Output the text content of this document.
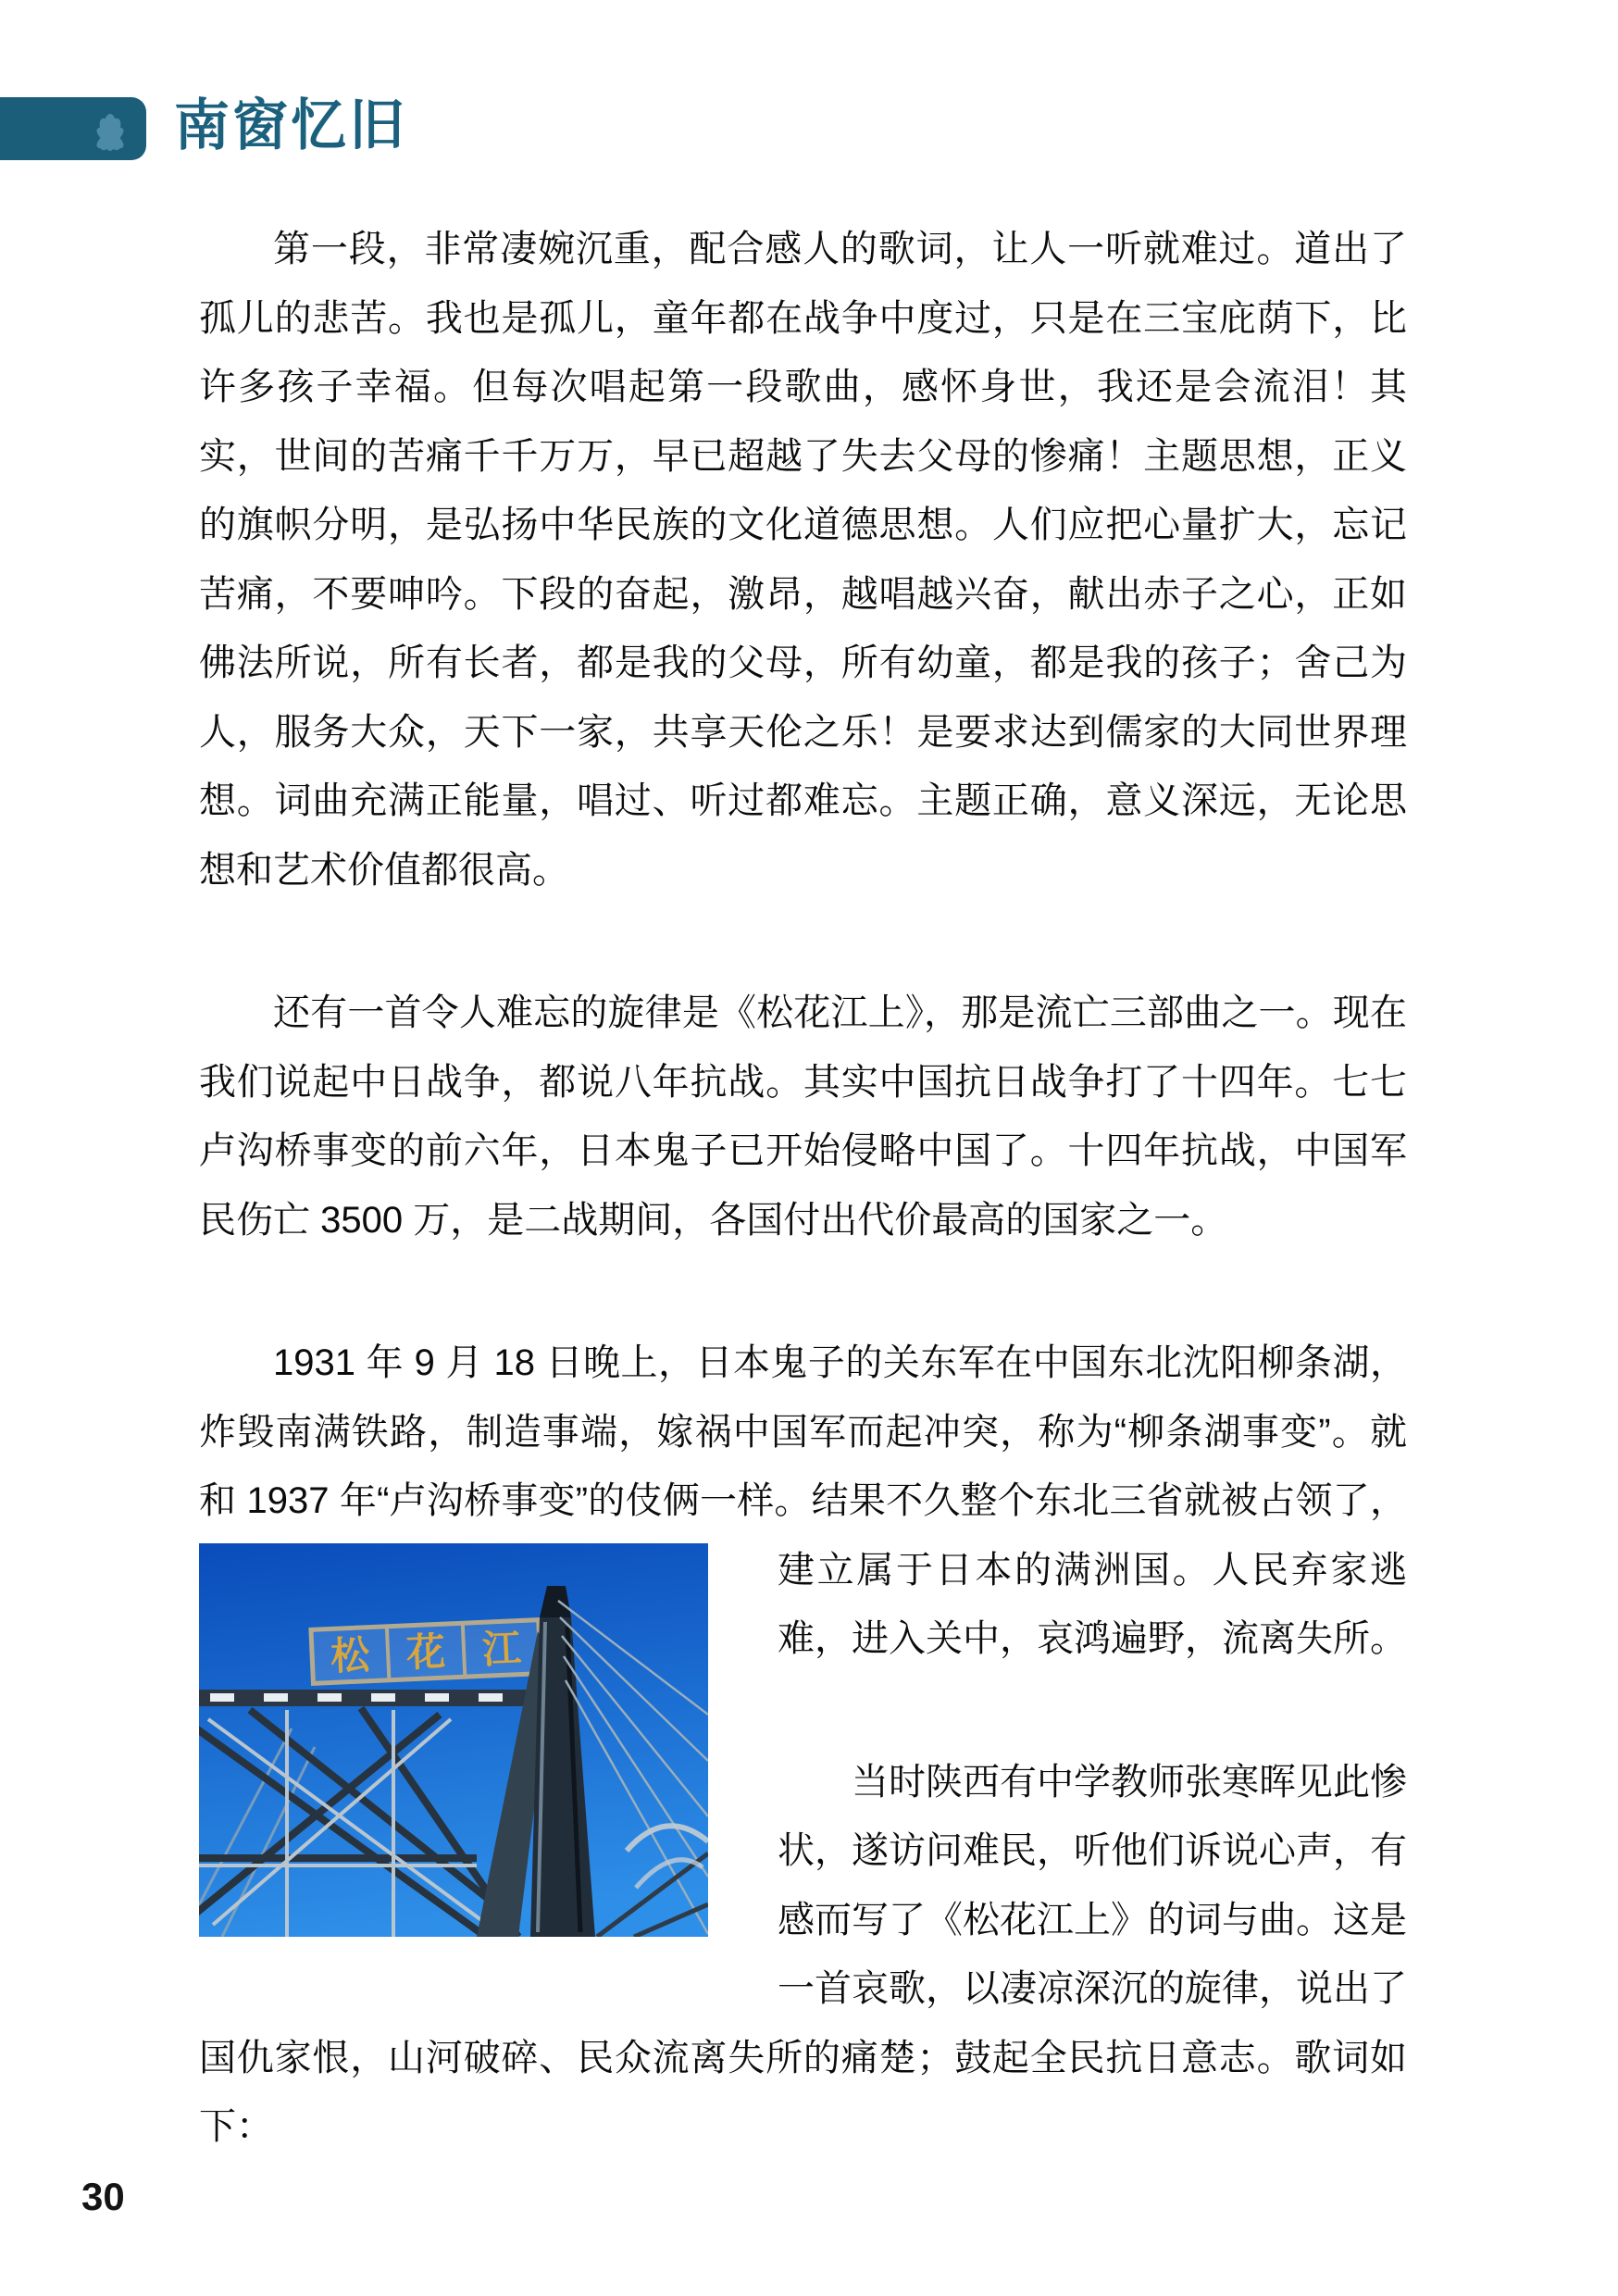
南窗忆旧

第一段，非常凄婉沉重，配合感人的歌词，让人一听就难过。道出了孤儿的悲苦。我也是孤儿，童年都在战争中度过，只是在三宝庇荫下，比许多孩子幸福。但每次唱起第一段歌曲，感怀身世，我还是会流泪！其实，世间的苦痛千千万万，早已超越了失去父母的惨痛！主题思想，正义的旗帜分明，是弘扬中华民族的文化道德思想。人们应把心量扩大，忘记苦痛，不要呻吟。下段的奋起，激昂，越唱越兴奋，献出赤子之心，正如佛法所说，所有长者，都是我的父母，所有幼童，都是我的孩子；舍己为人，服务大众，天下一家，共享天伦之乐！是要求达到儒家的大同世界理想。词曲充满正能量，唱过、听过都难忘。主题正确，意义深远，无论思想和艺术价值都很高。

还有一首令人难忘的旋律是《松花江上》，那是流亡三部曲之一。现在我们说起中日战争，都说八年抗战。其实中国抗日战争打了十四年。七七卢沟桥事变的前六年，日本鬼子已开始侵略中国了。十四年抗战，中国军民伤亡 3500 万，是二战期间，各国付出代价最高的国家之一。

1931 年 9 月 18 日晚上，日本鬼子的关东军在中国东北沈阳柳条湖，炸毁南满铁路，制造事端，嫁祸中国军而起冲突，称为“柳条湖事变”。就和 1937 年“卢沟桥事变”的伎俩一样。结果不久整个东北三省就被占
松 花 江
领了，建立属于日本的满洲国。人民弃家逃难，进入关中，哀鸿遍野，流离失所。

当时陕西有中学教师张寒晖见此惨状，遂访问难民，听他们诉说心声，有感而写了《松花江上》的词与曲。这是一首哀歌，以凄凉深沉的旋律，说出了国仇家恨，山河破碎、民众流离失所的痛楚；鼓起全民抗日意志。歌词如下：

30
